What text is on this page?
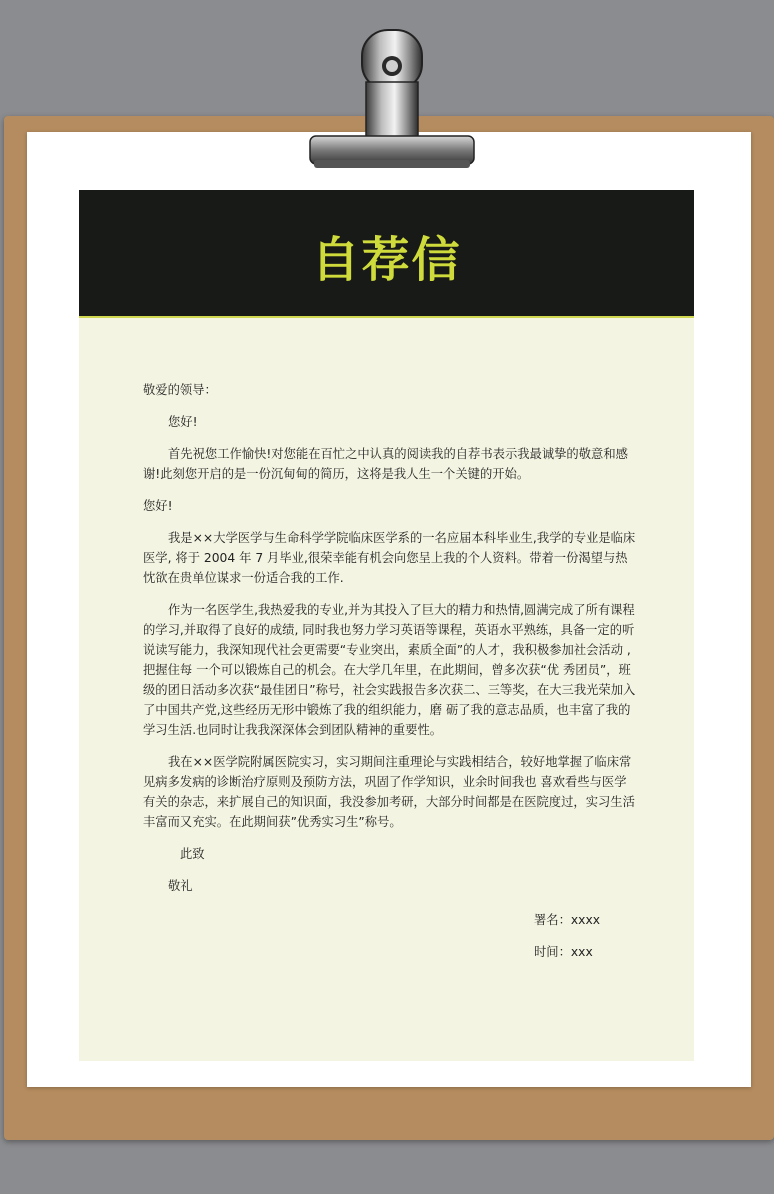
自荐信

敬爱的领导：

您好!

首先祝您工作愉快!对您能在百忙之中认真的阅读我的自荐书表示我最诚挚的敬意和感谢!此刻您开启的是一份沉甸甸的简历，这将是我人生一个关键的开始。

您好!

我是××大学医学与生命科学学院临床医学系的一名应届本科毕业生,我学的专业是临床医学, 将于 2004 年 7 月毕业,很荣幸能有机会向您呈上我的个人资料。带着一份渴望与热忱欲在贵单位谋求一份适合我的工作.

作为一名医学生,我热爱我的专业,并为其投入了巨大的精力和热情,圆满完成了所有课程的学习,并取得了良好的成绩, 同时我也努力学习英语等课程，英语水平熟练，具备一定的听说读写能力，我深知现代社会更需要“专业突出，素质全面”的人才，我积极参加社会活动 ,把握住每 一个可以锻炼自己的机会。在大学几年里，在此期间，曾多次获“优 秀团员”，班级的团日活动多次获“最佳团日”称号，社会实践报告多次获二、三等奖，在大三我光荣加入了中国共产党,这些经历无形中锻炼了我的组织能力，磨 砺了我的意志品质，也丰富了我的学习生活.也同时让我我深深体会到团队精神的重要性。

我在××医学院附属医院实习，实习期间注重理论与实践相结合，较好地掌握了临床常见病多发病的诊断治疗原则及预防方法，巩固了作学知识，业余时间我也 喜欢看些与医学有关的杂志，来扩展自己的知识面，我没参加考研，大部分时间都是在医院度过，实习生活丰富而又充实。在此期间获”优秀实习生”称号。

此致

敬礼

署名：xxxx

时间：xxx
